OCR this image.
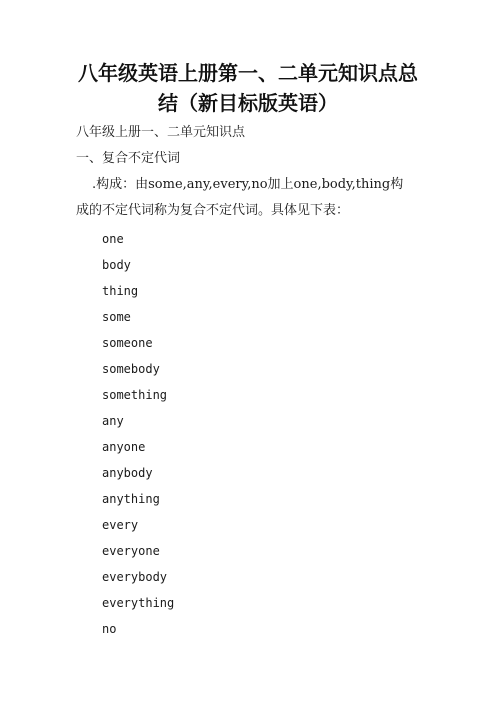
八年级英语上册第一、二单元知识点总
结（新目标版英语）

八年级上册一、二单元知识点

一、复合不定代词

.构成：由some,any,every,no加上one,body,thing构

成的不定代词称为复合不定代词。具体见下表：

one
body
thing
some
someone
somebody
something
any
anyone
anybody
anything
every
everyone
everybody
everything
no
